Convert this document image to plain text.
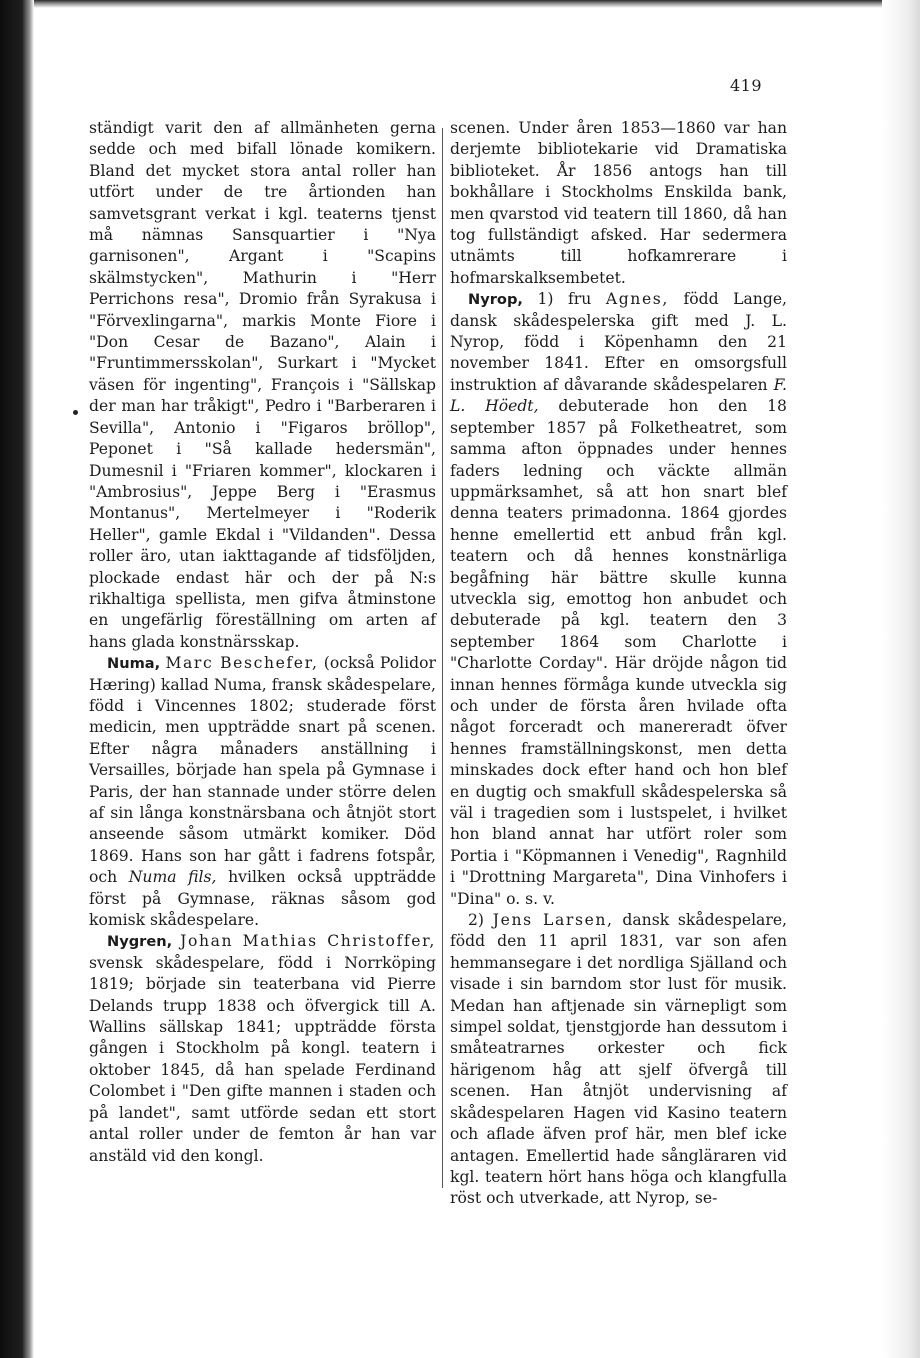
419

ständigt varit den af allmänheten gerna sedde och med bifall lönade komikern. Bland det mycket stora antal roller han utfört under de tre årtionden han samvetsgrant verkat i kgl. teaterns tjenst må nämnas Sansquartier i "Nya garnisonen", Argant i "Scapins skälmstycken", Mathurin i "Herr Perrichons resa", Dromio från Syrakusa i "Förvexlingarna", markis Monte Fiore i "Don Cesar de Bazano", Alain i "Fruntimmersskolan", Surkart i "Mycket väsen för ingenting", François i "Sällskap der man har tråkigt", Pedro i "Barberaren i Sevilla", Antonio i "Figaros bröllop", Peponet i "Så kallade hedersmän", Dumesnil i "Friaren kommer", klockaren i "Ambrosius", Jeppe Berg i "Erasmus Montanus", Mertelmeyer i "Roderik Heller", gamle Ekdal i "Vildanden". Dessa roller äro, utan iakttagande af tidsföljden, plockade endast här och der på N:s rikhaltiga spellista, men gifva åtminstone en ungefärlig föreställning om arten af hans glada konstnärsskap.

Numa, Marc Beschefer, (också Polidor Hæring) kallad Numa, fransk skådespelare, född i Vincennes 1802; studerade först medicin, men uppträdde snart på scenen. Efter några månaders anställning i Versailles, började han spela på Gymnase i Paris, der han stannade under större delen af sin långa konstnärsbana och åtnjöt stort anseende såsom utmärkt komiker. Död 1869. Hans son har gått i fadrens fotspår, och Numa fils, hvilken också uppträdde först på Gymnase, räknas såsom god komisk skådespelare.

Nygren, Johan Mathias Christoffer, svensk skådespelare, född i Norrköping 1819; började sin teaterbana vid Pierre Delands trupp 1838 och öfvergick till A. Wallins sällskap 1841; uppträdde första gången i Stockholm på kongl. teatern i oktober 1845, då han spelade Ferdinand Colombet i "Den gifte mannen i staden och på landet", samt utförde sedan ett stort antal roller under de femton år han var anstäld vid den kongl.

scenen. Under åren 1853—1860 var han derjemte bibliotekarie vid Dramatiska biblioteket. År 1856 antogs han till bokhållare i Stockholms Enskilda bank, men qvarstod vid teatern till 1860, då han tog fullständigt afsked. Har sedermera utnämts till hofkamrerare i hofmarskalksembetet.

Nyrop, 1) fru Agnes, född Lange, dansk skådespelerska gift med J. L. Nyrop, född i Köpenhamn den 21 november 1841. Efter en omsorgsfull instruktion af dåvarande skådespelaren F. L. Höedt, debuterade hon den 18 september 1857 på Folketheatret, som samma afton öppnades under hennes faders ledning och väckte allmän uppmärksamhet, så att hon snart blef denna teaters primadonna. 1864 gjordes henne emellertid ett anbud från kgl. teatern och då hennes konstnärliga begåfning här bättre skulle kunna utveckla sig, emottog hon anbudet och debuterade på kgl. teatern den 3 september 1864 som Charlotte i "Charlotte Corday". Här dröjde någon tid innan hennes förmåga kunde utveckla sig och under de första åren hvilade ofta något forceradt och manereradt öfver hennes framställningskonst, men detta minskades dock efter hand och hon blef en dugtig och smakfull skådespelerska så väl i tragedien som i lustspelet, i hvilket hon bland annat har utfört roler som Portia i "Köpmannen i Venedig", Ragnhild i "Drottning Margareta", Dina Vinhofers i "Dina" o. s. v.

2) Jens Larsen, dansk skådespelare, född den 11 april 1831, var son afen hemmansegare i det nordliga Själland och visade i sin barndom stor lust för musik. Medan han aftjenade sin värnepligt som simpel soldat, tjenstgjorde han dessutom i småteatrarnes orkester och fick härigenom håg att sjelf öfvergå till scenen. Han åtnjöt undervisning af skådespelaren Hagen vid Kasino teatern och aflade äfven prof här, men blef icke antagen. Emellertid hade sångläraren vid kgl. teatern hört hans höga och klangfulla röst och utverkade, att Nyrop, se-
